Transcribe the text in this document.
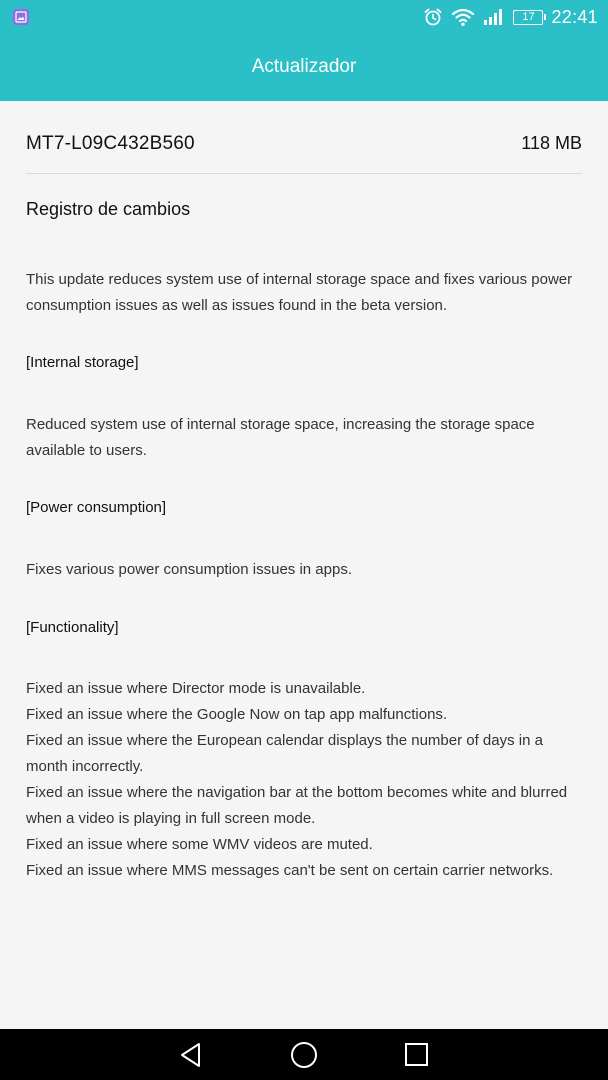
17 22:41
Actualizador
MT7-L09C432B560	118 MB
Registro de cambios
This update reduces system use of internal storage space and fixes various power consumption issues as well as issues found in the beta version.
[Internal storage]
Reduced system use of internal storage space, increasing the storage space available to users.
[Power consumption]
Fixes various power consumption issues in apps.
[Functionality]
Fixed an issue where Director mode is unavailable.
Fixed an issue where the Google Now on tap app malfunctions.
Fixed an issue where the European calendar displays the number of days in a month incorrectly.
Fixed an issue where the navigation bar at the bottom becomes white and blurred when a video is playing in full screen mode.
Fixed an issue where some WMV videos are muted.
Fixed an issue where MMS messages can't be sent on certain carrier networks.
